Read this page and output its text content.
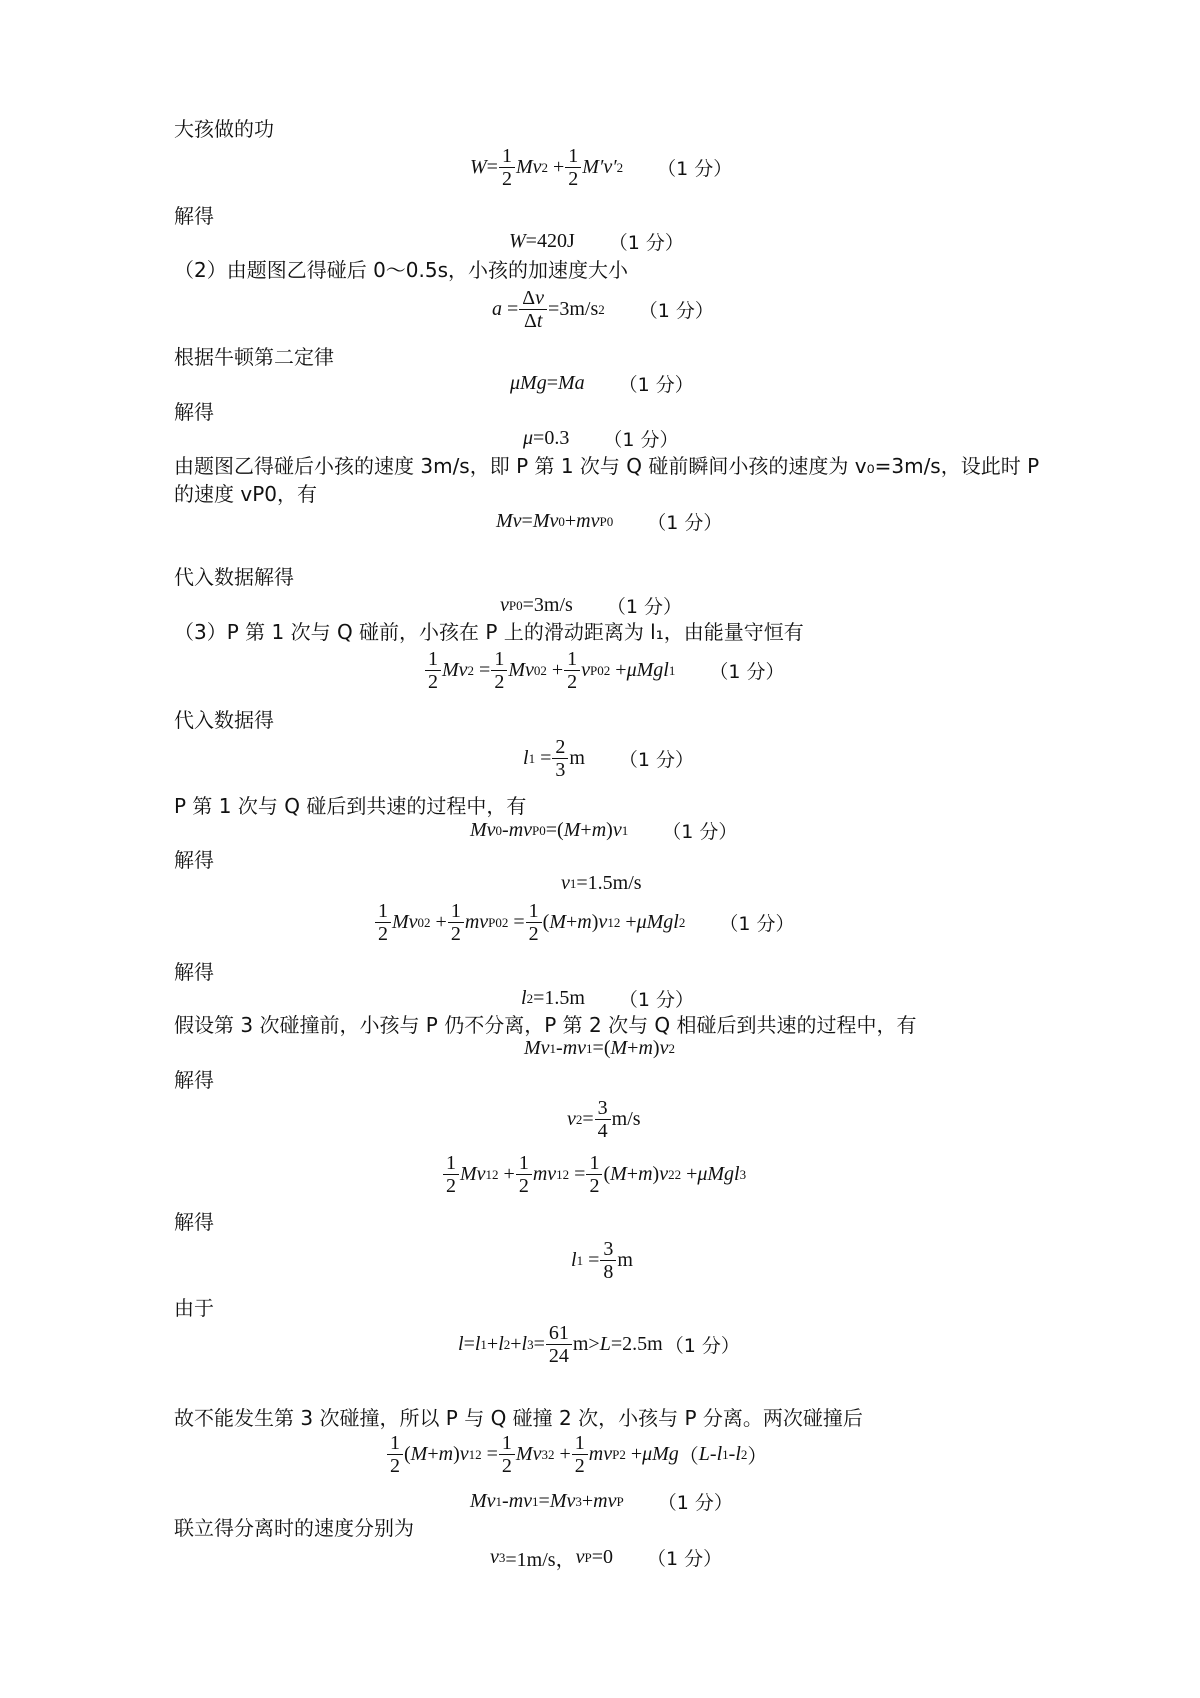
大孩做的功
$W = \frac{1}{2}$ Mv $2 + \frac{1}{2} M'v'$ 2 （1 分）
解得
W =420J （1 分）
（2）由题图乙得碰后 0～0.5s，小孩的加速度大小
$a = \frac{\Delta v}{\Delta t} =3m/s$ 2 （1 分）
根据牛顿第二定律
μMg = Ma （1 分）
解得
μ =0.3 （1 分）
由题图乙得碰后小孩的速度 3m/s，即 P 第 1 次与 Q 碰前瞬间小孩的速度为 v₀=3m/s，设此时 P
的速度 vP0，有
Mv = Mv 0 + mv P0 （1 分）
代入数据解得
v P0 =3m/s （1 分）
（3）P 第 1 次与 Q 碰前，小孩在 P 上的滑动距离为 l₁，由能量守恒有
$\frac{1}{2}$ Mv $2 = \frac{1}{2}$ Mv 0 $2 + \frac{1}{2}$ v P0 2 + μMgl 1 （1 分）
代入数据得
l $1 = \frac{2}{3}$ m （1 分）
P 第 1 次与 Q 碰后到共速的过程中，有
Mv 0 - mv P0 =( M + m ) v 1 （1 分）
解得
v 1 =1.5m/s
$\frac{1}{2}$ Mv 0 $2 + \frac{1}{2}$ mv P0 $2 = \frac{1}{2}$ ( M + m ) v 1 2 + μMgl 2 （1 分）
解得
l 2 =1.5m （1 分）
假设第 3 次碰撞前，小孩与 P 仍不分离，P 第 2 次与 Q 相碰后到共速的过程中，有
Mv 1 - mv 1 =( M + m ) v 2
解得
v $2 = \frac{3}{4} m/s$
$\frac{1}{2}$ Mv 1 $2 + \frac{1}{2}$ mv 1 $2 = \frac{1}{2}$ ( M + m ) v 2 2 + μMgl 3
解得
l $1 = \frac{3}{8}$ m
由于
l = l 1 + l 2 + l $3 = \frac{61}{24} m> L =2.5m$ （1 分）
故不能发生第 3 次碰撞，所以 P 与 Q 碰撞 2 次，小孩与 P 分离。两次碰撞后
$\frac{1}{2}$ ( M + m ) v 1 $2 = \frac{1}{2}$ Mv 3 $2 + \frac{1}{2}$ mv P 2 + μMg （ L - l 1 - l 2 ）
Mv 1 - mv 1 = Mv 3 + mv P （1 分）
联立得分离时的速度分别为
v 3 =1m/s， v P =0 （1 分）
